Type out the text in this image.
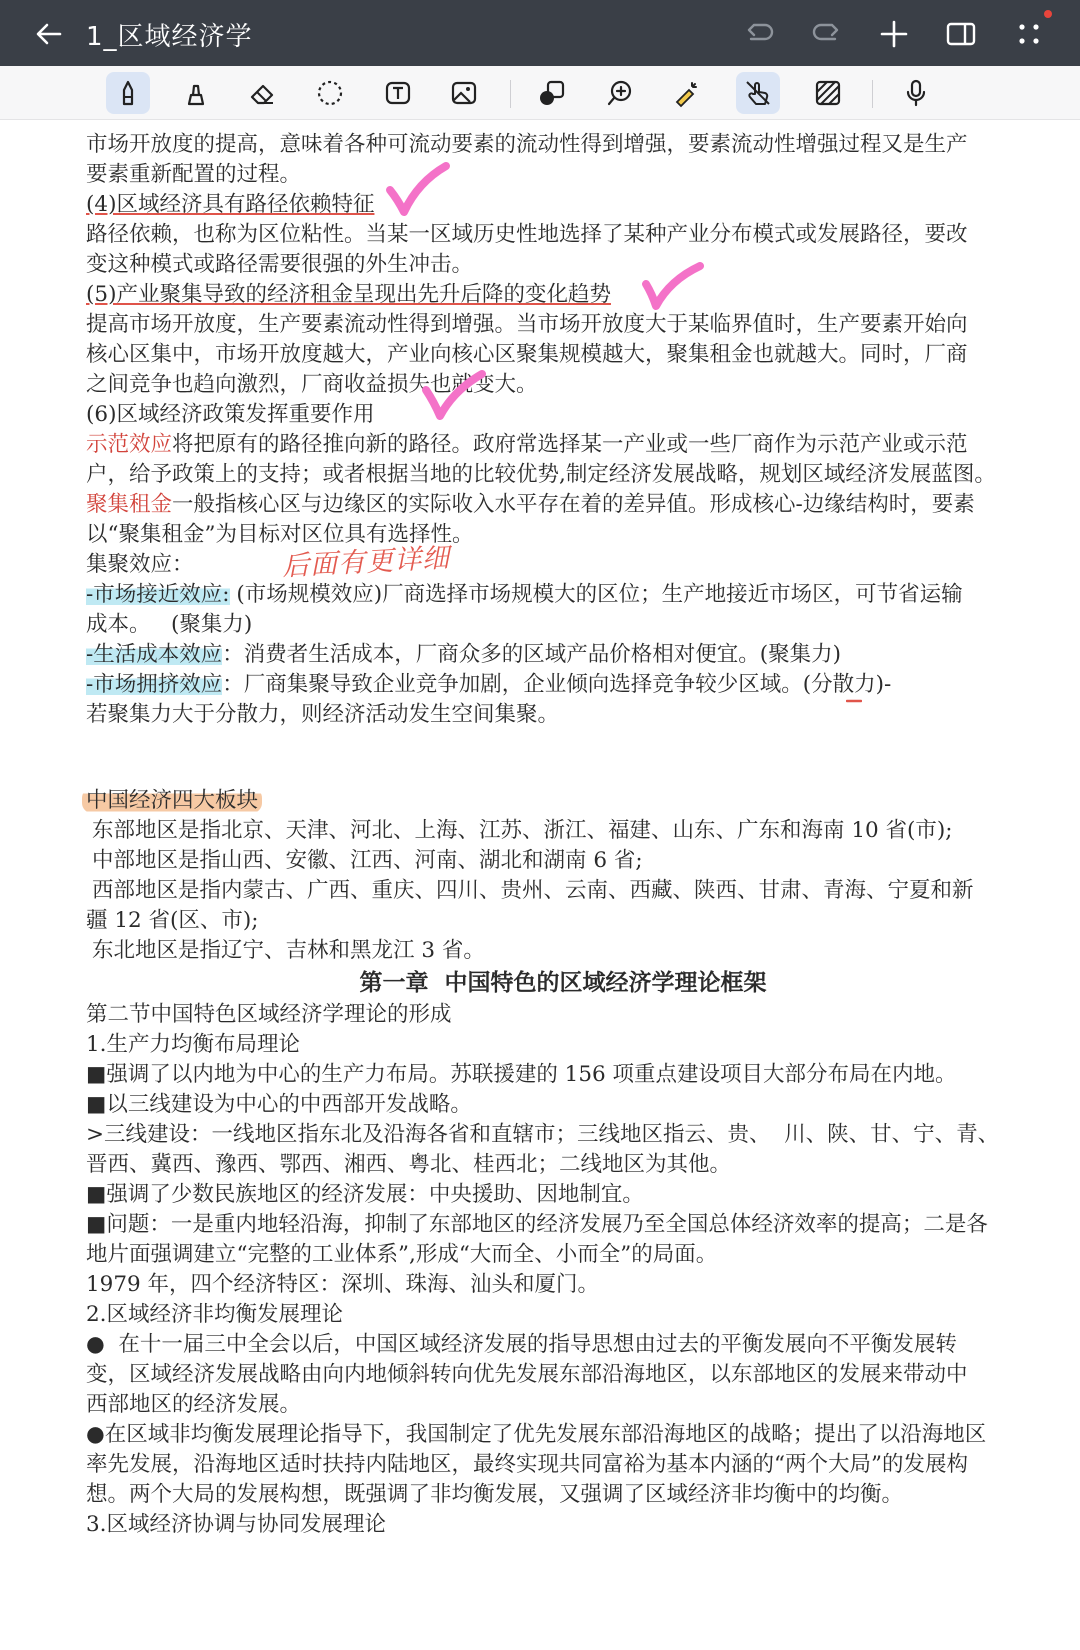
1_区域经济学
市场开放度的提高，意味着各种可流动要素的流动性得到增强，要素流动性增强过程又是生产
要素重新配置的过程。
(4)区域经济具有路径依赖特征
路径依赖，也称为区位粘性。当某一区域历史性地选择了某种产业分布模式或发展路径，要改
变这种模式或路径需要很强的外生冲击。
(5)产业聚集导致的经济租金呈现出先升后降的变化趋势
提高市场开放度，生产要素流动性得到增强。当市场开放度大于某临界值时，生产要素开始向
核心区集中，市场开放度越大，产业向核心区聚集规模越大，聚集租金也就越大。同时，厂商
之间竞争也趋向激烈，厂商收益损失也就变大。
(6)区域经济政策发挥重要作用
示范效应将把原有的路径推向新的路径。政府常选择某一产业或一些厂商作为示范产业或示范
户，给予政策上的支持；或者根据当地的比较优势,制定经济发展战略，规划区域经济发展蓝图。
聚集租金一般指核心区与边缘区的实际收入水平存在着的差异值。形成核心-边缘结构时，要素
以“聚集租金”为目标对区位具有选择性。
集聚效应：
-市场接近效应: (市场规模效应)厂商选择市场规模大的区位；生产地接近市场区，可节省运输
成本。   (聚集力)
-生活成本效应：消费者生活成本，厂商众多的区域产品价格相对便宜。(聚集力)
-市场拥挤效应：厂商集聚导致企业竞争加剧，企业倾向选择竞争较少区域。(分散力)-
若聚集力大于分散力，则经济活动发生空间集聚。
中国经济四大板块
东部地区是指北京、天津、河北、上海、江苏、浙江、福建、山东、广东和海南 10 省(市);
中部地区是指山西、安徽、江西、河南、湖北和湖南 6 省;
西部地区是指内蒙古、广西、重庆、四川、贵州、云南、西藏、陕西、甘肃、青海、宁夏和新
疆 12 省(区、市);
东北地区是指辽宁、吉林和黑龙江 3 省。
第一章  中国特色的区域经济学理论框架
第二节中国特色区域经济学理论的形成
1.生产力均衡布局理论
■强调了以内地为中心的生产力布局。苏联援建的 156 项重点建设项目大部分布局在内地。
■以三线建设为中心的中西部开发战略。
>三线建设：一线地区指东北及沿海各省和直辖市；三线地区指云、贵、  川、陕、甘、宁、青、
晋西、冀西、豫西、鄂西、湘西、粤北、桂西北；二线地区为其他。
■强调了少数民族地区的经济发展：中央援助、因地制宜。
■问题：一是重内地轻沿海，抑制了东部地区的经济发展乃至全国总体经济效率的提高；二是各
地片面强调建立“完整的工业体系”,形成“大而全、小而全”的局面。
1979 年，四个经济特区：深圳、珠海、汕头和厦门。
2.区域经济非均衡发展理论
●  在十一届三中全会以后，中国区域经济发展的指导思想由过去的平衡发展向不平衡发展转
变，区域经济发展战略由向内地倾斜转向优先发展东部沿海地区，以东部地区的发展来带动中
西部地区的经济发展。
●在区域非均衡发展理论指导下，我国制定了优先发展东部沿海地区的战略；提出了以沿海地区
率先发展，沿海地区适时扶持内陆地区，最终实现共同富裕为基本内涵的“两个大局”的发展构
想。两个大局的发展构想，既强调了非均衡发展，又强调了区域经济非均衡中的均衡。
3.区域经济协调与协同发展理论
后面有更详细
